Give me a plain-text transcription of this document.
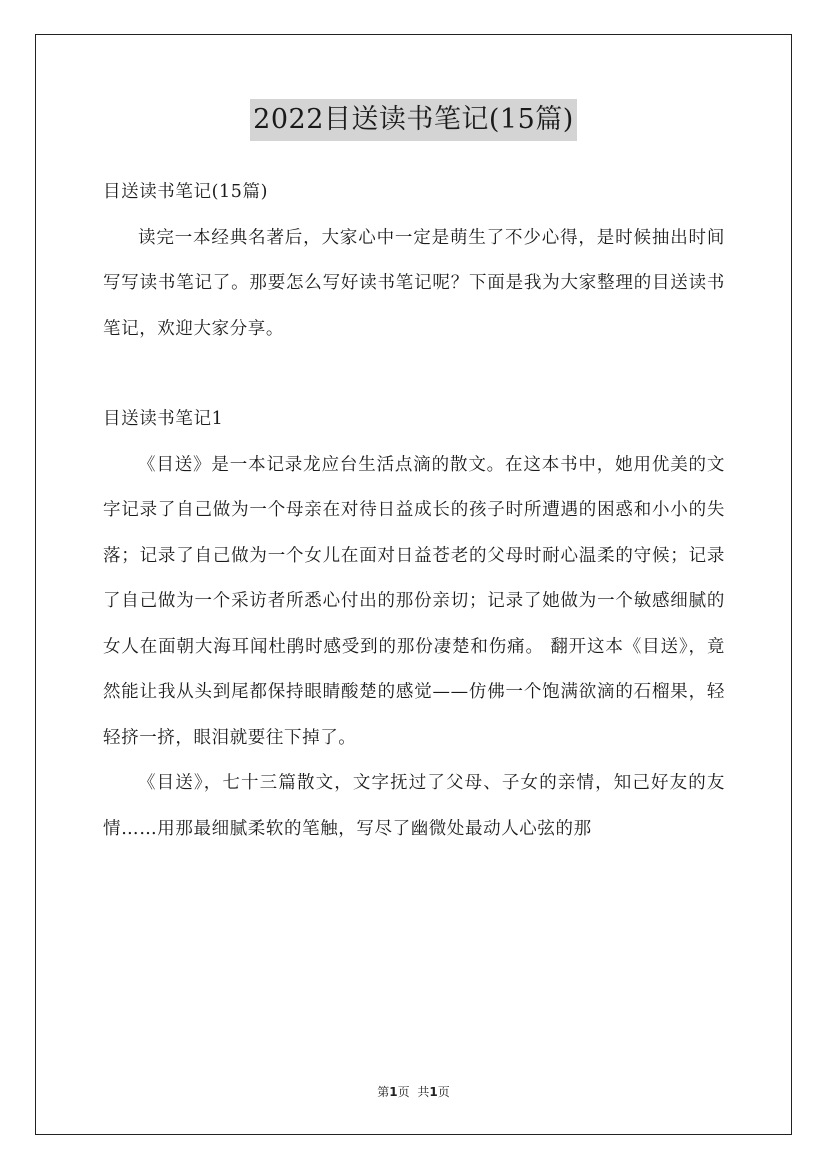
2022目送读书笔记(15篇)

目送读书笔记(15篇)

读完一本经典名著后，大家心中一定是萌生了不少心得，是时候抽出时间写写读书笔记了。那要怎么写好读书笔记呢？下面是我为大家整理的目送读书笔记，欢迎大家分享。

目送读书笔记1

《目送》是一本记录龙应台生活点滴的散文。在这本书中，她用优美的文字记录了自己做为一个母亲在对待日益成长的孩子时所遭遇的困惑和小小的失落；记录了自己做为一个女儿在面对日益苍老的父母时耐心温柔的守候；记录了自己做为一个采访者所悉心付出的那份亲切；记录了她做为一个敏感细腻的女人在面朝大海耳闻杜鹃时感受到的那份凄楚和伤痛。 翻开这本《目送》，竟然能让我从头到尾都保持眼睛酸楚的感觉——仿佛一个饱满欲滴的石榴果，轻轻挤一挤，眼泪就要往下掉了。

《目送》，七十三篇散文，文字抚过了父母、子女的亲情，知己好友的友情……用那最细腻柔软的笔触，写尽了幽微处最动人心弦的那

第1页 共1页
